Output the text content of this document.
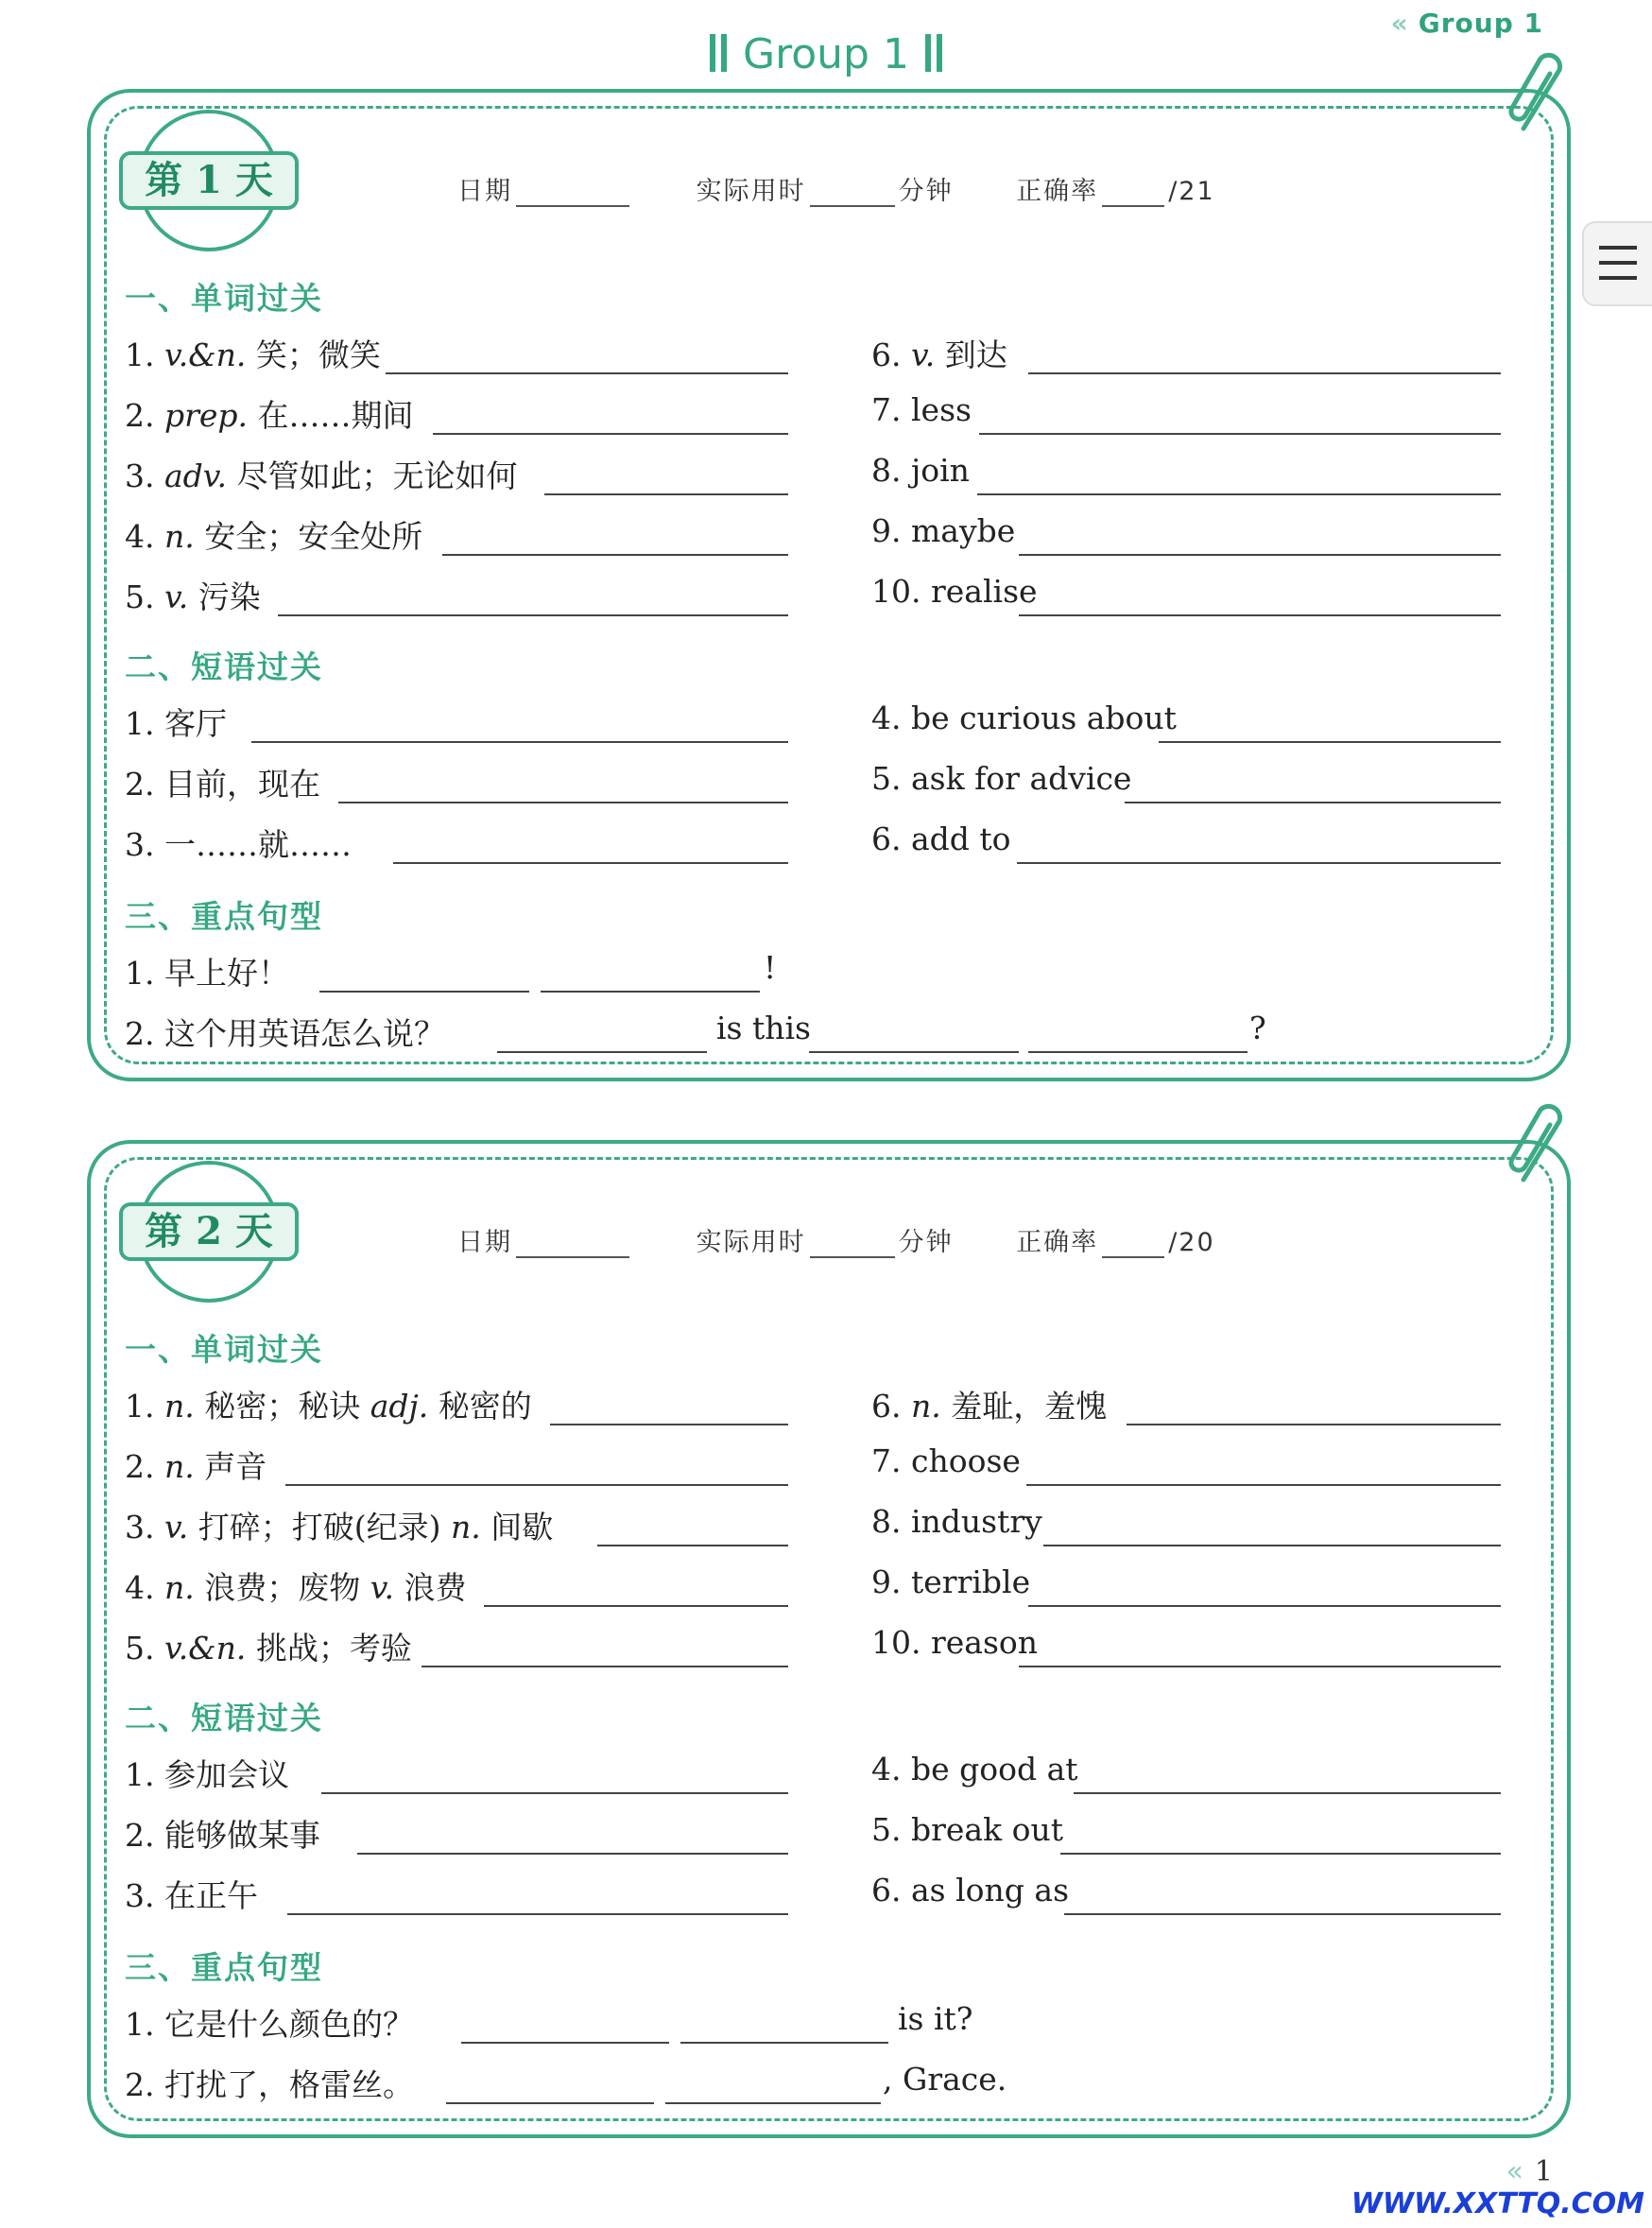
« Group 1
Group 1
第 1 天	日期	实际用时	分钟 正确率	/21
一、单词过关
1. v.&n. 笑；微笑
2. prep. 在……期间
3. adv. 尽管如此；无论如何
4. n. 安全；安全处所
5. v. 污染
6. v. 到达
7. less
8. join
9. maybe
10. realise
二、短语过关
1. 客厅
2. 目前，现在
3. 一……就……
4. be curious about
5. ask for advice
6. add to
三、重点句型
1. 早上好！	!
2. 这个用英语怎么说？	is this	?
第 2 天	日期	实际用时	分钟 正确率	/20
一、单词过关
1. n. 秘密；秘诀 adj. 秘密的
2. n. 声音
3. v. 打碎；打破(纪录) n. 间歇
4. n. 浪费；废物 v. 浪费
5. v.&n. 挑战；考验
6. n. 羞耻，羞愧
7. choose
8. industry
9. terrible
10. reason
二、短语过关
1. 参加会议
2. 能够做某事
3. 在正午
4. be good at
5. break out
6. as long as
三、重点句型
1. 它是什么颜色的？	is it?
2. 打扰了，格雷丝。	, Grace.
« 1
WWW.XXTTQ.COM
